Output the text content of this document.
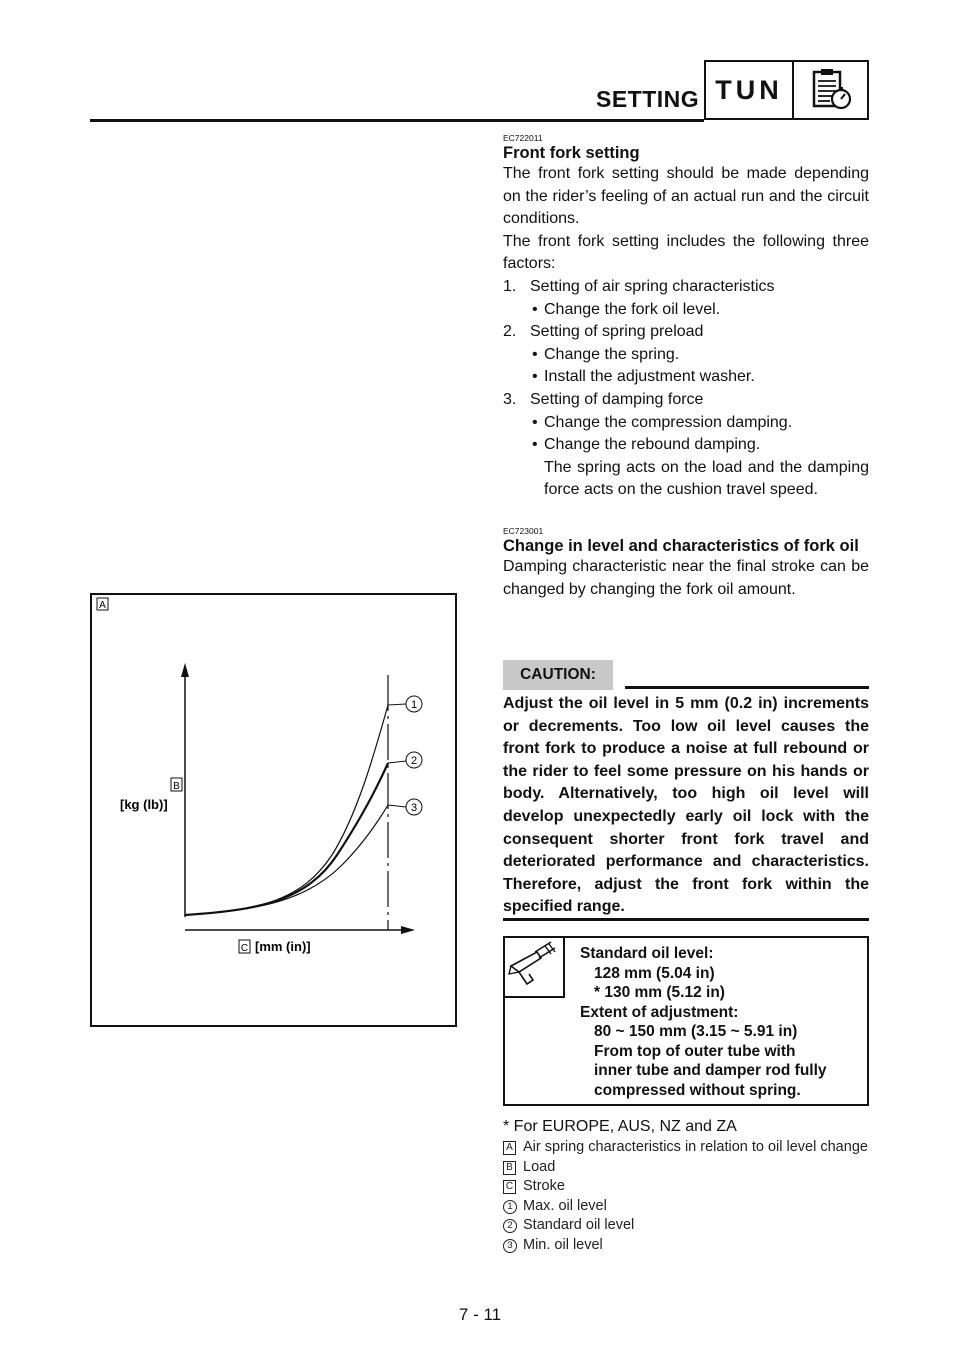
SETTING TUN
EC722011
Front fork setting
The front fork setting should be made depending on the rider’s feeling of an actual run and the circuit conditions.
The front fork setting includes the following three factors:
1. Setting of air spring characteristics
• Change the fork oil level.
2. Setting of spring preload
• Change the spring.
• Install the adjustment washer.
3. Setting of damping force
• Change the compression damping.
• Change the rebound damping.
The spring acts on the load and the damping force acts on the cushion travel speed.
EC723001
Change in level and characteristics of fork oil
Damping characteristic near the final stroke can be changed by changing the fork oil amount.
CAUTION:
Adjust the oil level in 5 mm (0.2 in) increments or decrements. Too low oil level causes the front fork to produce a noise at full rebound or the rider to feel some pressure on his hands or body. Alternatively, too high oil level will develop unexpectedly early oil lock with the consequent shorter front fork travel and deteriorated performance and characteristics. Therefore, adjust the front fork within the specified range.
Standard oil level:
128 mm (5.04 in)
* 130 mm (5.12 in)
Extent of adjustment:
80 ~ 150 mm (3.15 ~ 5.91 in)
From top of outer tube with
inner tube and damper rod fully
compressed without spring.
* For EUROPE, AUS, NZ and ZA
A Air spring characteristics in relation to oil level change
B Load
C Stroke
1 Max. oil level
2 Standard oil level
3 Min. oil level
A
1
2
3
B
[kg (lb)]
C [mm (in)]
7 - 11
